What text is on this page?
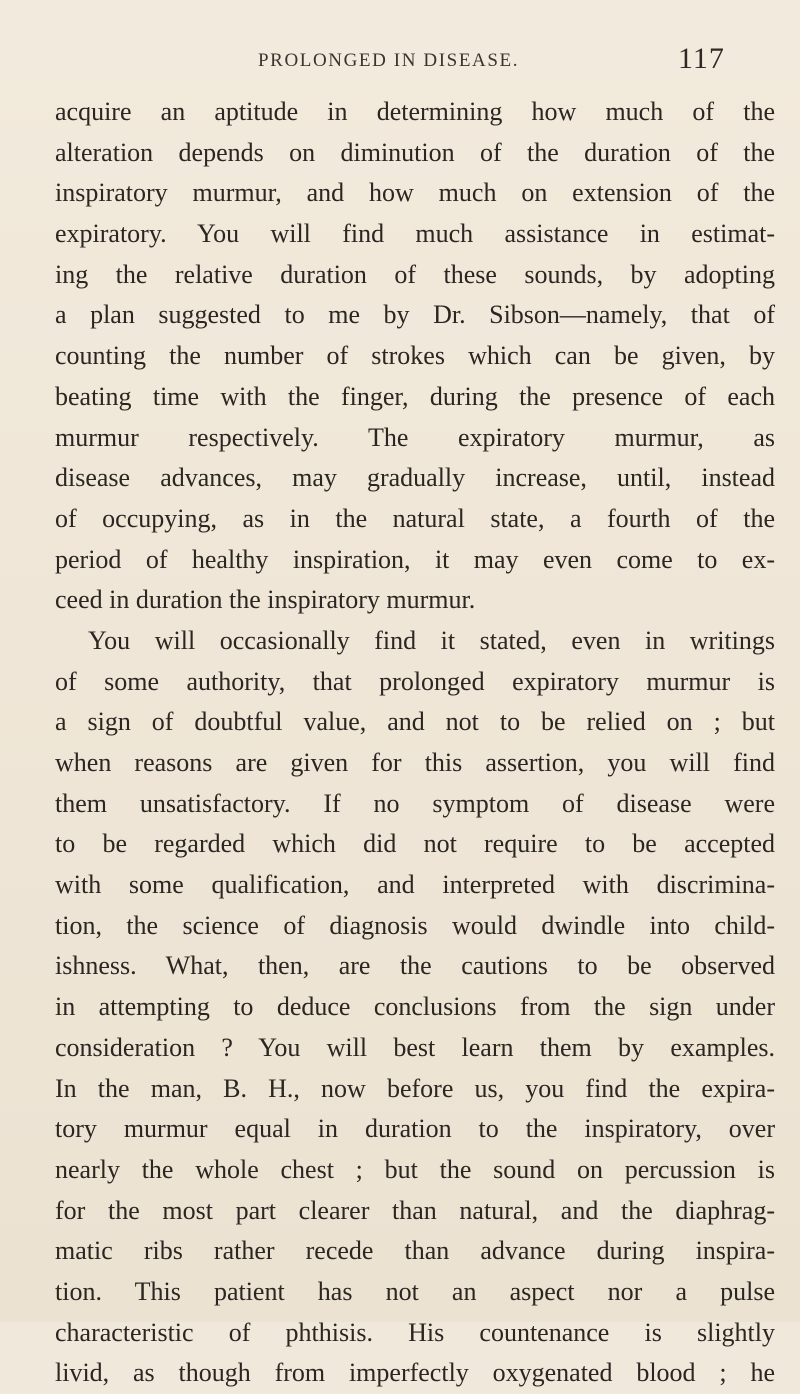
PROLONGED IN DISEASE.	117
acquire an aptitude in determining how much of the
alteration depends on diminution of the duration of the
inspiratory murmur, and how much on extension of the
expiratory. You will find much assistance in estimat-
ing the relative duration of these sounds, by adopting
a plan suggested to me by Dr. Sibson—namely, that of
counting the number of strokes which can be given, by
beating time with the finger, during the presence of each
murmur respectively. The expiratory murmur, as
disease advances, may gradually increase, until, instead
of occupying, as in the natural state, a fourth of the
period of healthy inspiration, it may even come to ex-
ceed in duration the inspiratory murmur.
You will occasionally find it stated, even in writings
of some authority, that prolonged expiratory murmur is
a sign of doubtful value, and not to be relied on ; but
when reasons are given for this assertion, you will find
them unsatisfactory. If no symptom of disease were
to be regarded which did not require to be accepted
with some qualification, and interpreted with discrimina-
tion, the science of diagnosis would dwindle into child-
ishness. What, then, are the cautions to be observed
in attempting to deduce conclusions from the sign under
consideration ? You will best learn them by examples.
In the man, B. H., now before us, you find the expira-
tory murmur equal in duration to the inspiratory, over
nearly the whole chest ; but the sound on percussion is
for the most part clearer than natural, and the diaphrag-
matic ribs rather recede than advance during inspira-
tion. This patient has not an aspect nor a pulse
characteristic of phthisis. His countenance is slightly
livid, as though from imperfectly oxygenated blood ; he
